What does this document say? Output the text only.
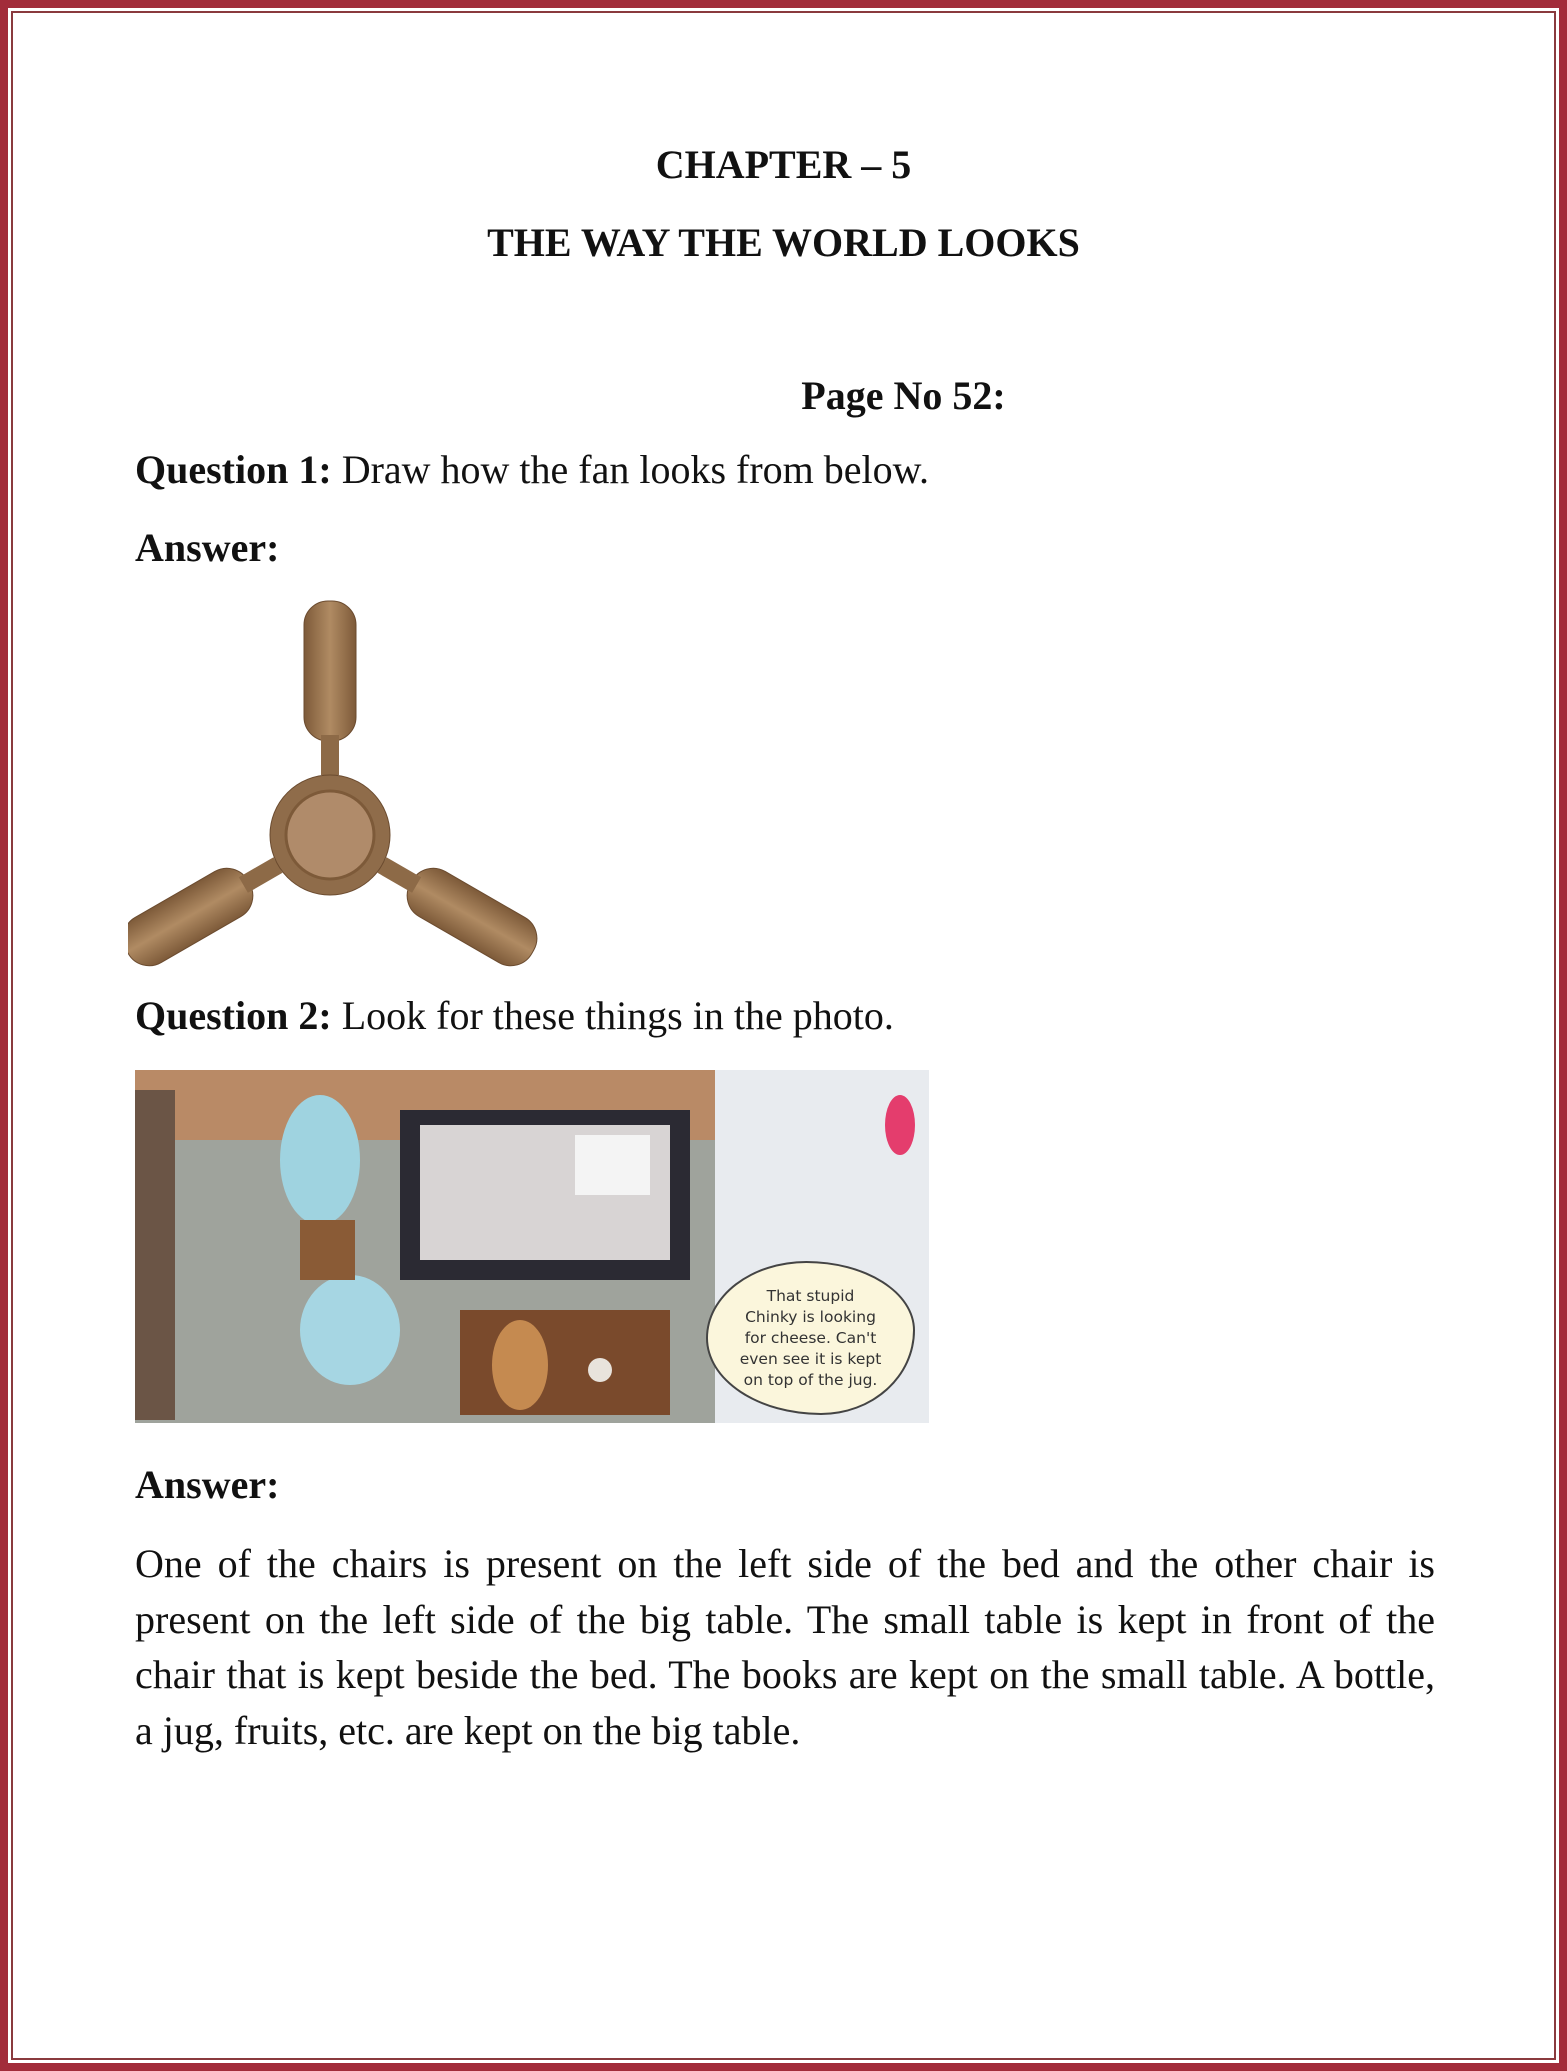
CHAPTER – 5
THE WAY THE WORLD LOOKS
Page No 52:
Question 1: Draw how the fan looks from below.
Answer:
Question 2: Look for these things in the photo.
That stupid
Chinky is looking
for cheese. Can't
even see it is kept
on top of the jug.
Answer:
One of the chairs is present on the left side of the bed and the other chair is present on the left side of the big table. The small table is kept in front of the chair that is kept beside the bed. The books are kept on the small table. A bottle, a jug, fruits, etc. are kept on the big table.
